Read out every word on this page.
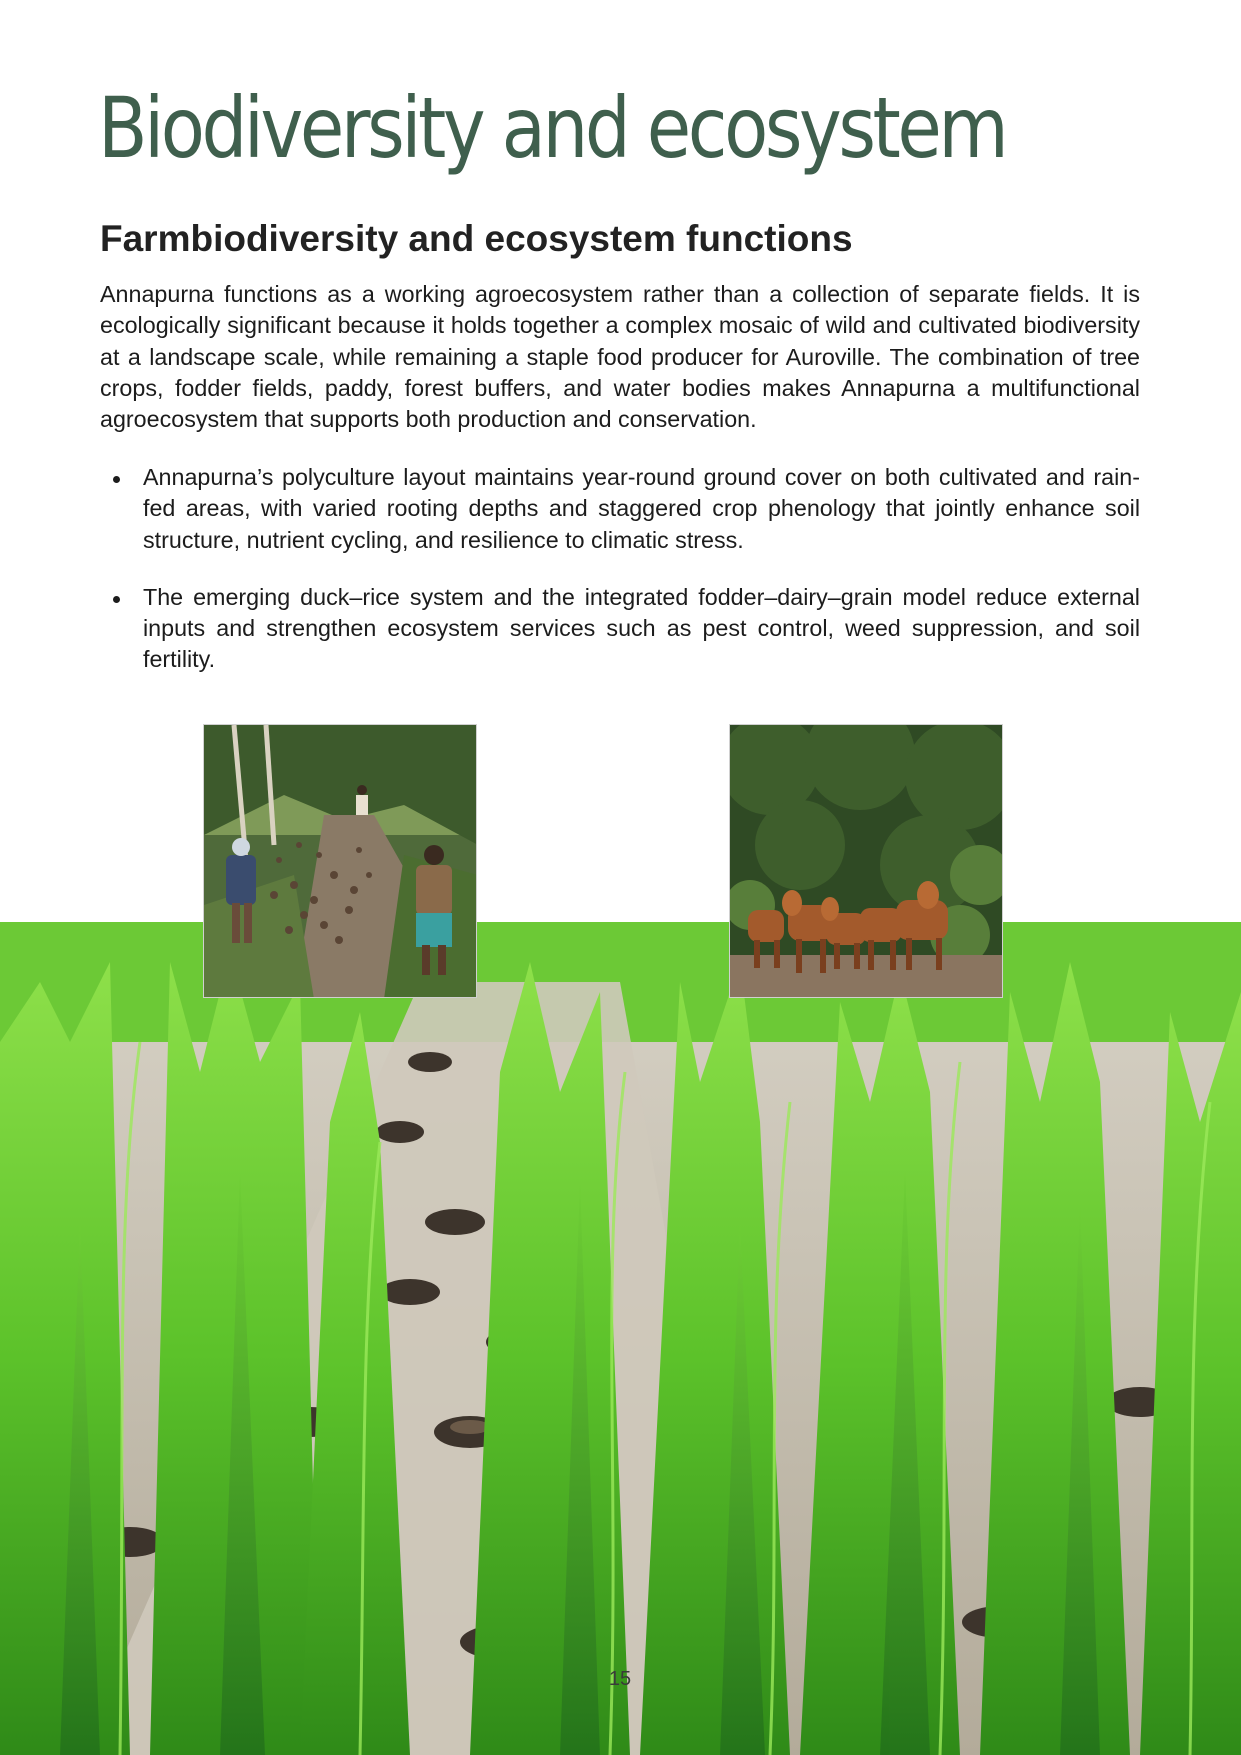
Biodiversity and ecosystem
Farmbiodiversity and ecosystem functions

Annapurna functions as a working agroecosystem rather than a collection of separate fields. It is ecologically significant because it holds together a complex mosaic of wild and cultivated biodiversity at a landscape scale, while remaining a staple food producer for Auroville. The combination of tree crops, fodder fields, paddy, forest buffers, and water bodies makes Annapurna a multifunctional agroecosystem that supports both production and conservation.

Annapurna’s polyculture layout maintains year-round ground cover on both cultivated and rain-fed areas, with varied rooting depths and staggered crop phenology that jointly enhance soil structure, nutrient cycling, and resilience to climatic stress.
The emerging duck–rice system and the integrated fodder–dairy–grain model reduce external inputs and strengthen ecosystem services such as pest control, weed suppression, and soil fertility.
15
